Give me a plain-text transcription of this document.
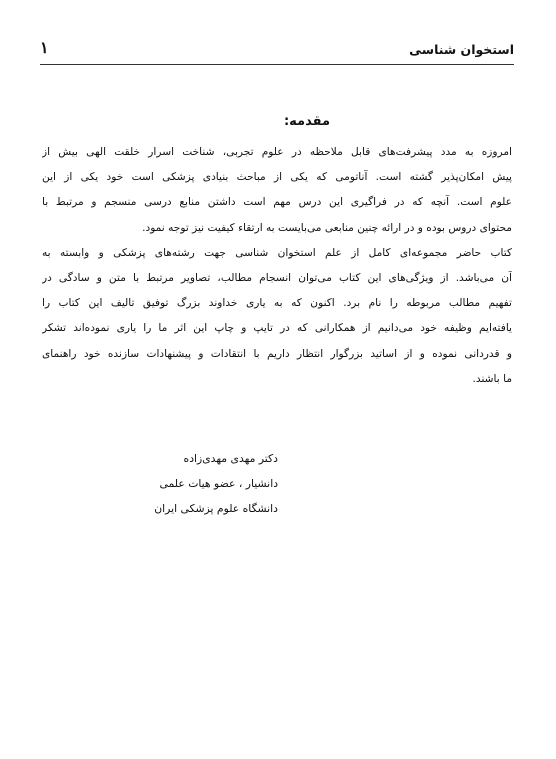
استخوان شناسی
۱
مقدمه:
امروزه به مدد پیشرفت‌های قابل ملاحظه در علوم تجربی، شناخت اسرار خلقت الهی بیش از
پیش امکان‌پذیر گشته است. آناتومی که یکی از مباحث بنیادی پزشکی است خود یکی از این
علوم است. آنچه که در فراگیری این درس مهم است داشتن منابع درسی منسجم و مرتبط با
محتوای دروس بوده و در ارائه چنین منابعی می‌بایست به ارتقاء کیفیت نیز توجه نمود.
کتاب حاضر مجموعه‌ای کامل از علم استخوان شناسی جهت رشته‌های پزشکی و وابسته به
آن می‌باشد. از ویژگی‌های این کتاب می‌توان انسجام مطالب، تصاویر مرتبط با متن و سادگی در
تفهیم مطالب مربوطه را نام برد. اکنون که به یاری خداوند بزرگ توفیق تالیف این کتاب را
یافته‌ایم وظیفه خود می‌دانیم از همکارانی که در تایپ و چاپ این اثر ما را یاری نموده‌اند تشکر
و قدردانی نموده و از اساتید بزرگوار انتظار داریم با انتقادات و پیشنهادات سازنده خود راهنمای
ما باشند.
دکتر مهدی مهدی‌زاده
دانشیار ، عضو هیات علمی
دانشگاه علوم پزشکی ایران
